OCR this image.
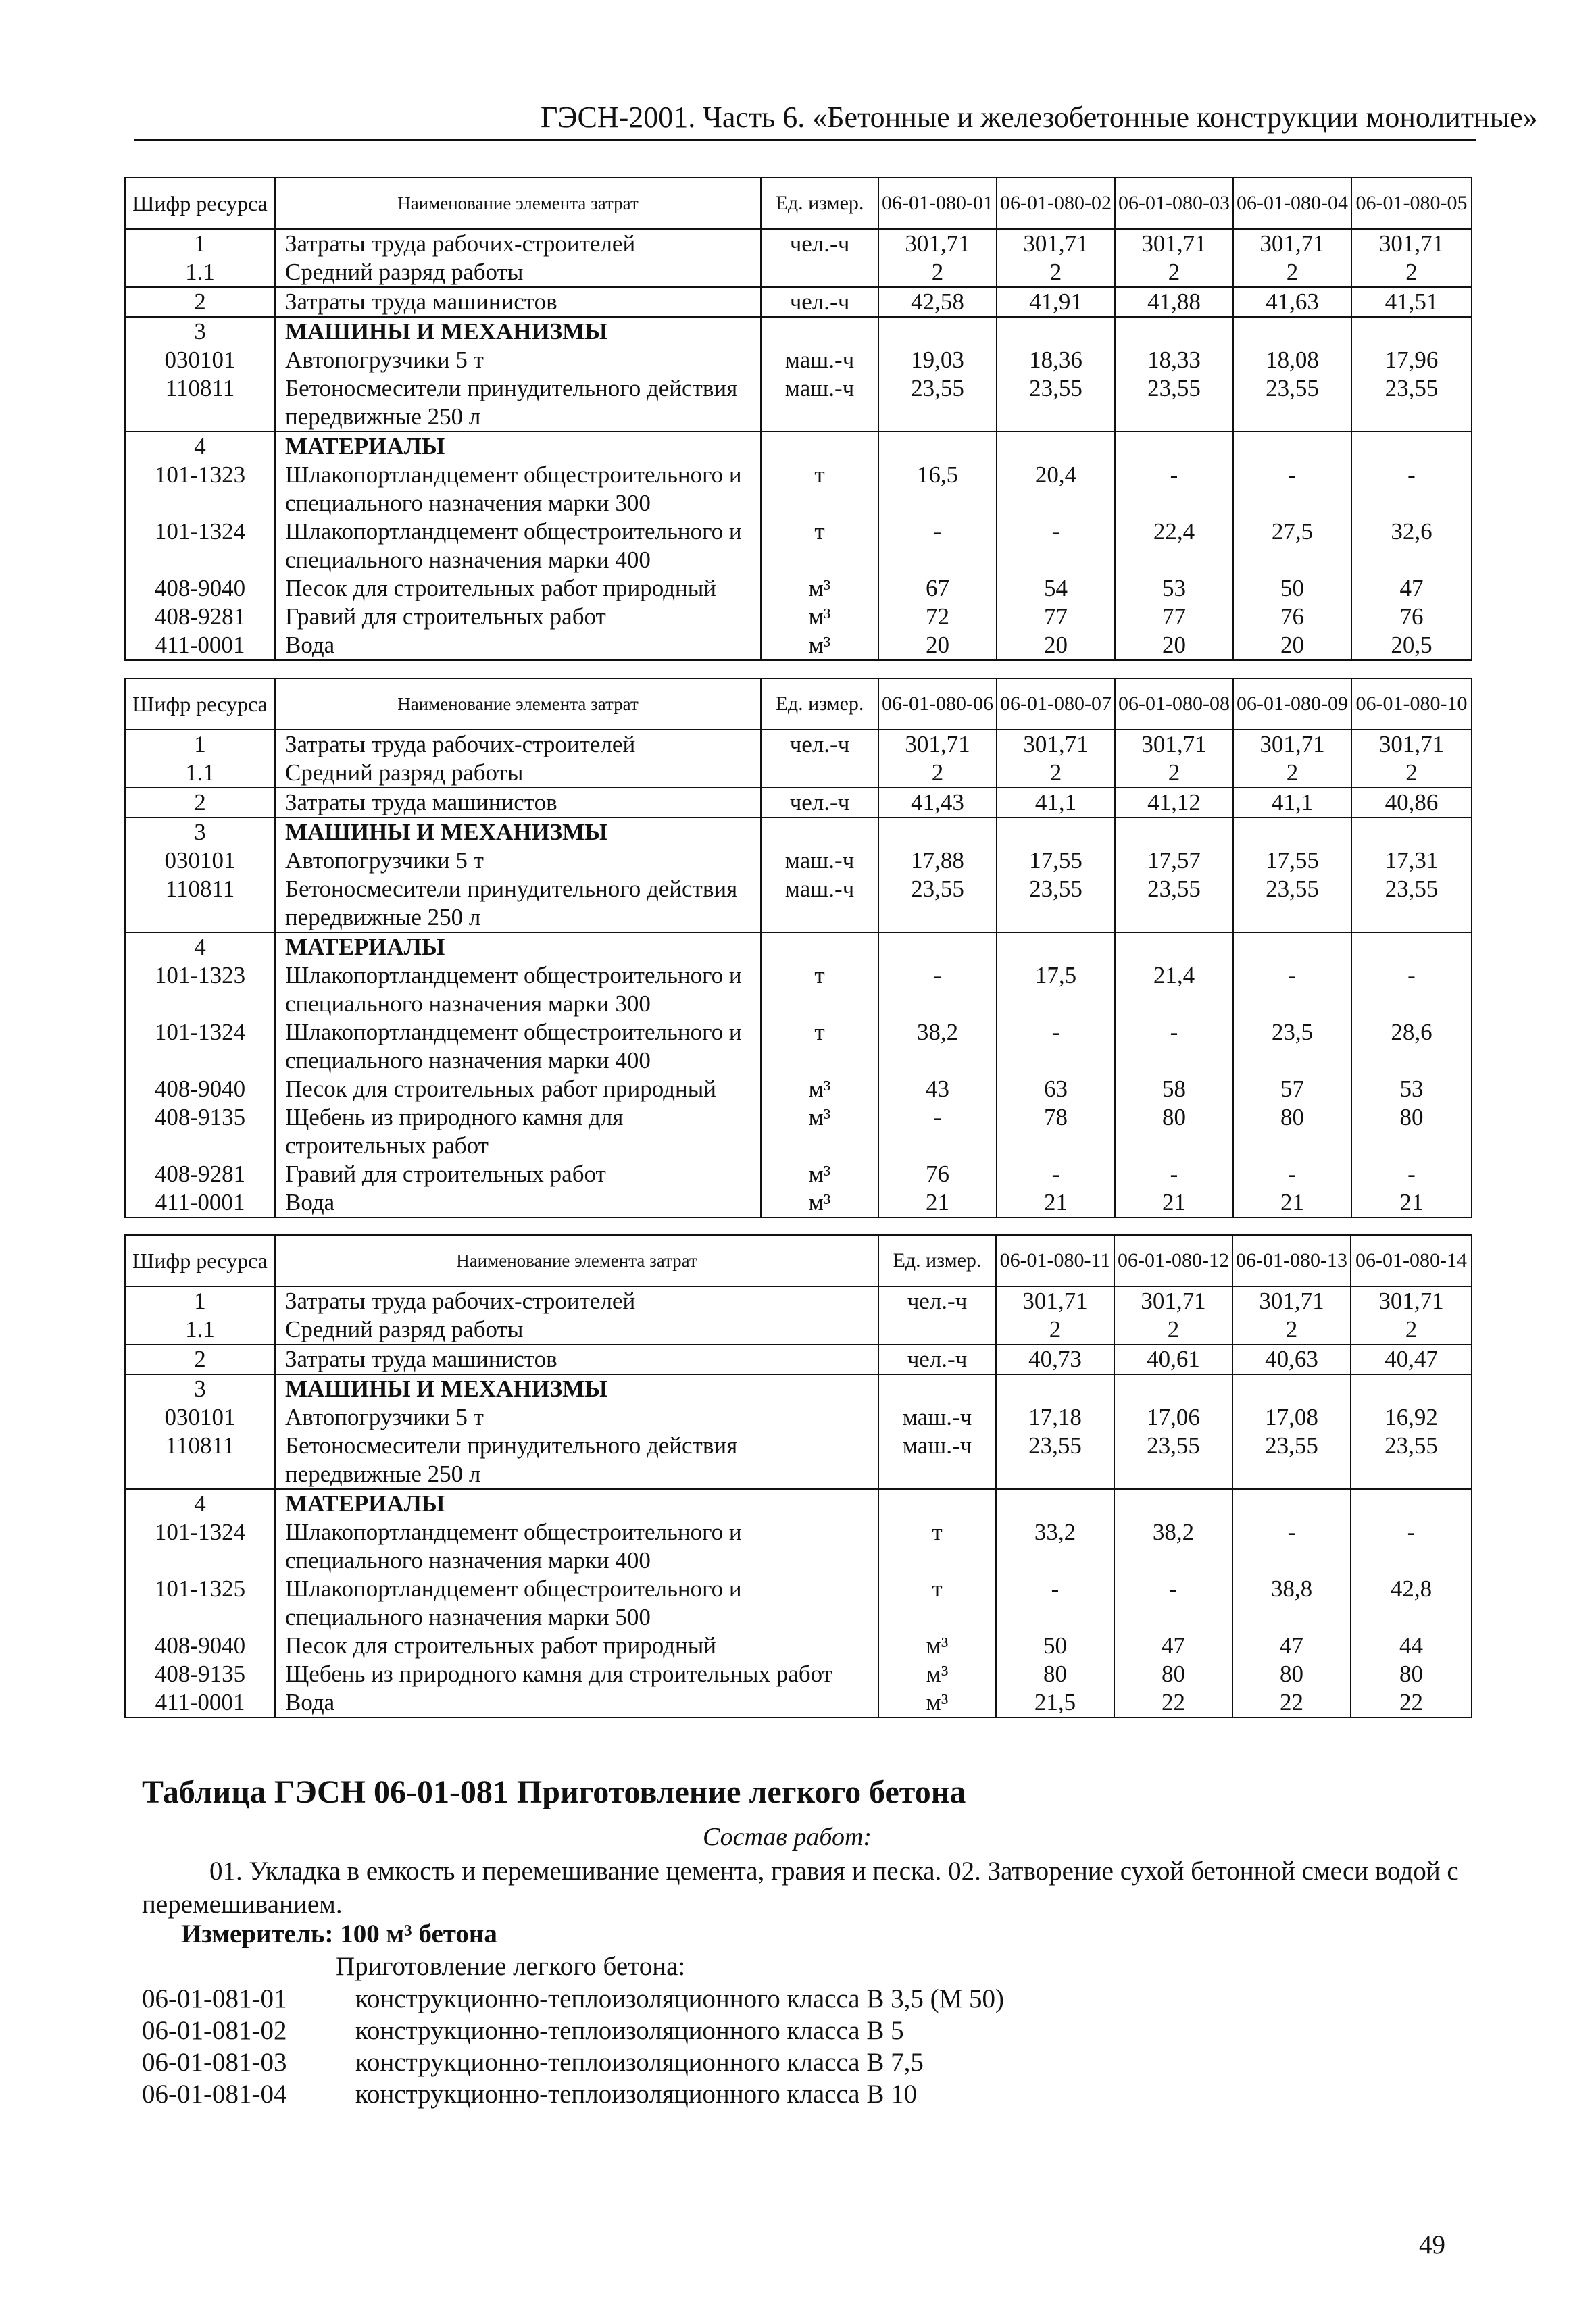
ГЭСН-2001. Часть 6. «Бетонные и железобетонные конструкции монолитные»
Шифр ресурса	Наименование элемента затрат	Ед. измер.	06-01-080-01	06-01-080-02	06-01-080-03	06-01-080-04	06-01-080-05
1	Затраты труда рабочих-строителей	чел.-ч	301,71	301,71	301,71	301,71	301,71
1.1	Средний разряд работы		2	2	2	2	2
2	Затраты труда машинистов	чел.-ч	42,58	41,91	41,88	41,63	41,51
3	МАШИНЫ И МЕХАНИЗМЫ						
030101	Автопогрузчики 5 т	маш.-ч	19,03	18,36	18,33	18,08	17,96
110811	Бетоносмесители принудительного действия передвижные 250 л	маш.-ч	23,55	23,55	23,55	23,55	23,55
4	МАТЕРИАЛЫ						
101-1323	Шлакопортландцемент общестроительного и специального назначения марки 300	т	16,5	20,4	-	-	-
101-1324	Шлакопортландцемент общестроительного и специального назначения марки 400	т	-	-	22,4	27,5	32,6
408-9040	Песок для строительных работ природный	м³	67	54	53	50	47
408-9281	Гравий для строительных работ	м³	72	77	77	76	76
411-0001	Вода	м³	20	20	20	20	20,5
Шифр ресурса	Наименование элемента затрат	Ед. измер.	06-01-080-06	06-01-080-07	06-01-080-08	06-01-080-09	06-01-080-10
1	Затраты труда рабочих-строителей	чел.-ч	301,71	301,71	301,71	301,71	301,71
1.1	Средний разряд работы		2	2	2	2	2
2	Затраты труда машинистов	чел.-ч	41,43	41,1	41,12	41,1	40,86
3	МАШИНЫ И МЕХАНИЗМЫ						
030101	Автопогрузчики 5 т	маш.-ч	17,88	17,55	17,57	17,55	17,31
110811	Бетоносмесители принудительного действия передвижные 250 л	маш.-ч	23,55	23,55	23,55	23,55	23,55
4	МАТЕРИАЛЫ						
101-1323	Шлакопортландцемент общестроительного и специального назначения марки 300	т	-	17,5	21,4	-	-
101-1324	Шлакопортландцемент общестроительного и специального назначения марки 400	т	38,2	-	-	23,5	28,6
408-9040	Песок для строительных работ природный	м³	43	63	58	57	53
408-9135	Щебень из природного камня для строительных работ	м³	-	78	80	80	80
408-9281	Гравий для строительных работ	м³	76	-	-	-	-
411-0001	Вода	м³	21	21	21	21	21
Шифр ресурса	Наименование элемента затрат	Ед. измер.	06-01-080-11	06-01-080-12	06-01-080-13	06-01-080-14
1	Затраты труда рабочих-строителей	чел.-ч	301,71	301,71	301,71	301,71
1.1	Средний разряд работы		2	2	2	2
2	Затраты труда машинистов	чел.-ч	40,73	40,61	40,63	40,47
3	МАШИНЫ И МЕХАНИЗМЫ					
030101	Автопогрузчики 5 т	маш.-ч	17,18	17,06	17,08	16,92
110811	Бетоносмесители принудительного действия передвижные 250 л	маш.-ч	23,55	23,55	23,55	23,55
4	МАТЕРИАЛЫ					
101-1324	Шлакопортландцемент общестроительного и специального назначения марки 400	т	33,2	38,2	-	-
101-1325	Шлакопортландцемент общестроительного и специального назначения марки 500	т	-	-	38,8	42,8
408-9040	Песок для строительных работ природный	м³	50	47	47	44
408-9135	Щебень из природного камня для строительных работ	м³	80	80	80	80
411-0001	Вода	м³	21,5	22	22	22
Таблица ГЭСН 06-01-081 Приготовление легкого бетона
Состав работ:
01. Укладка в емкость и перемешивание цемента, гравия и песка. 02. Затворение сухой бетонной смеси водой с перемешиванием.
Измеритель: 100 м³ бетона
Приготовление легкого бетона:
06-01-081-01	конструкционно-теплоизоляционного класса В 3,5 (М 50)
06-01-081-02	конструкционно-теплоизоляционного класса В 5
06-01-081-03	конструкционно-теплоизоляционного класса В 7,5
06-01-081-04	конструкционно-теплоизоляционного класса В 10
49
